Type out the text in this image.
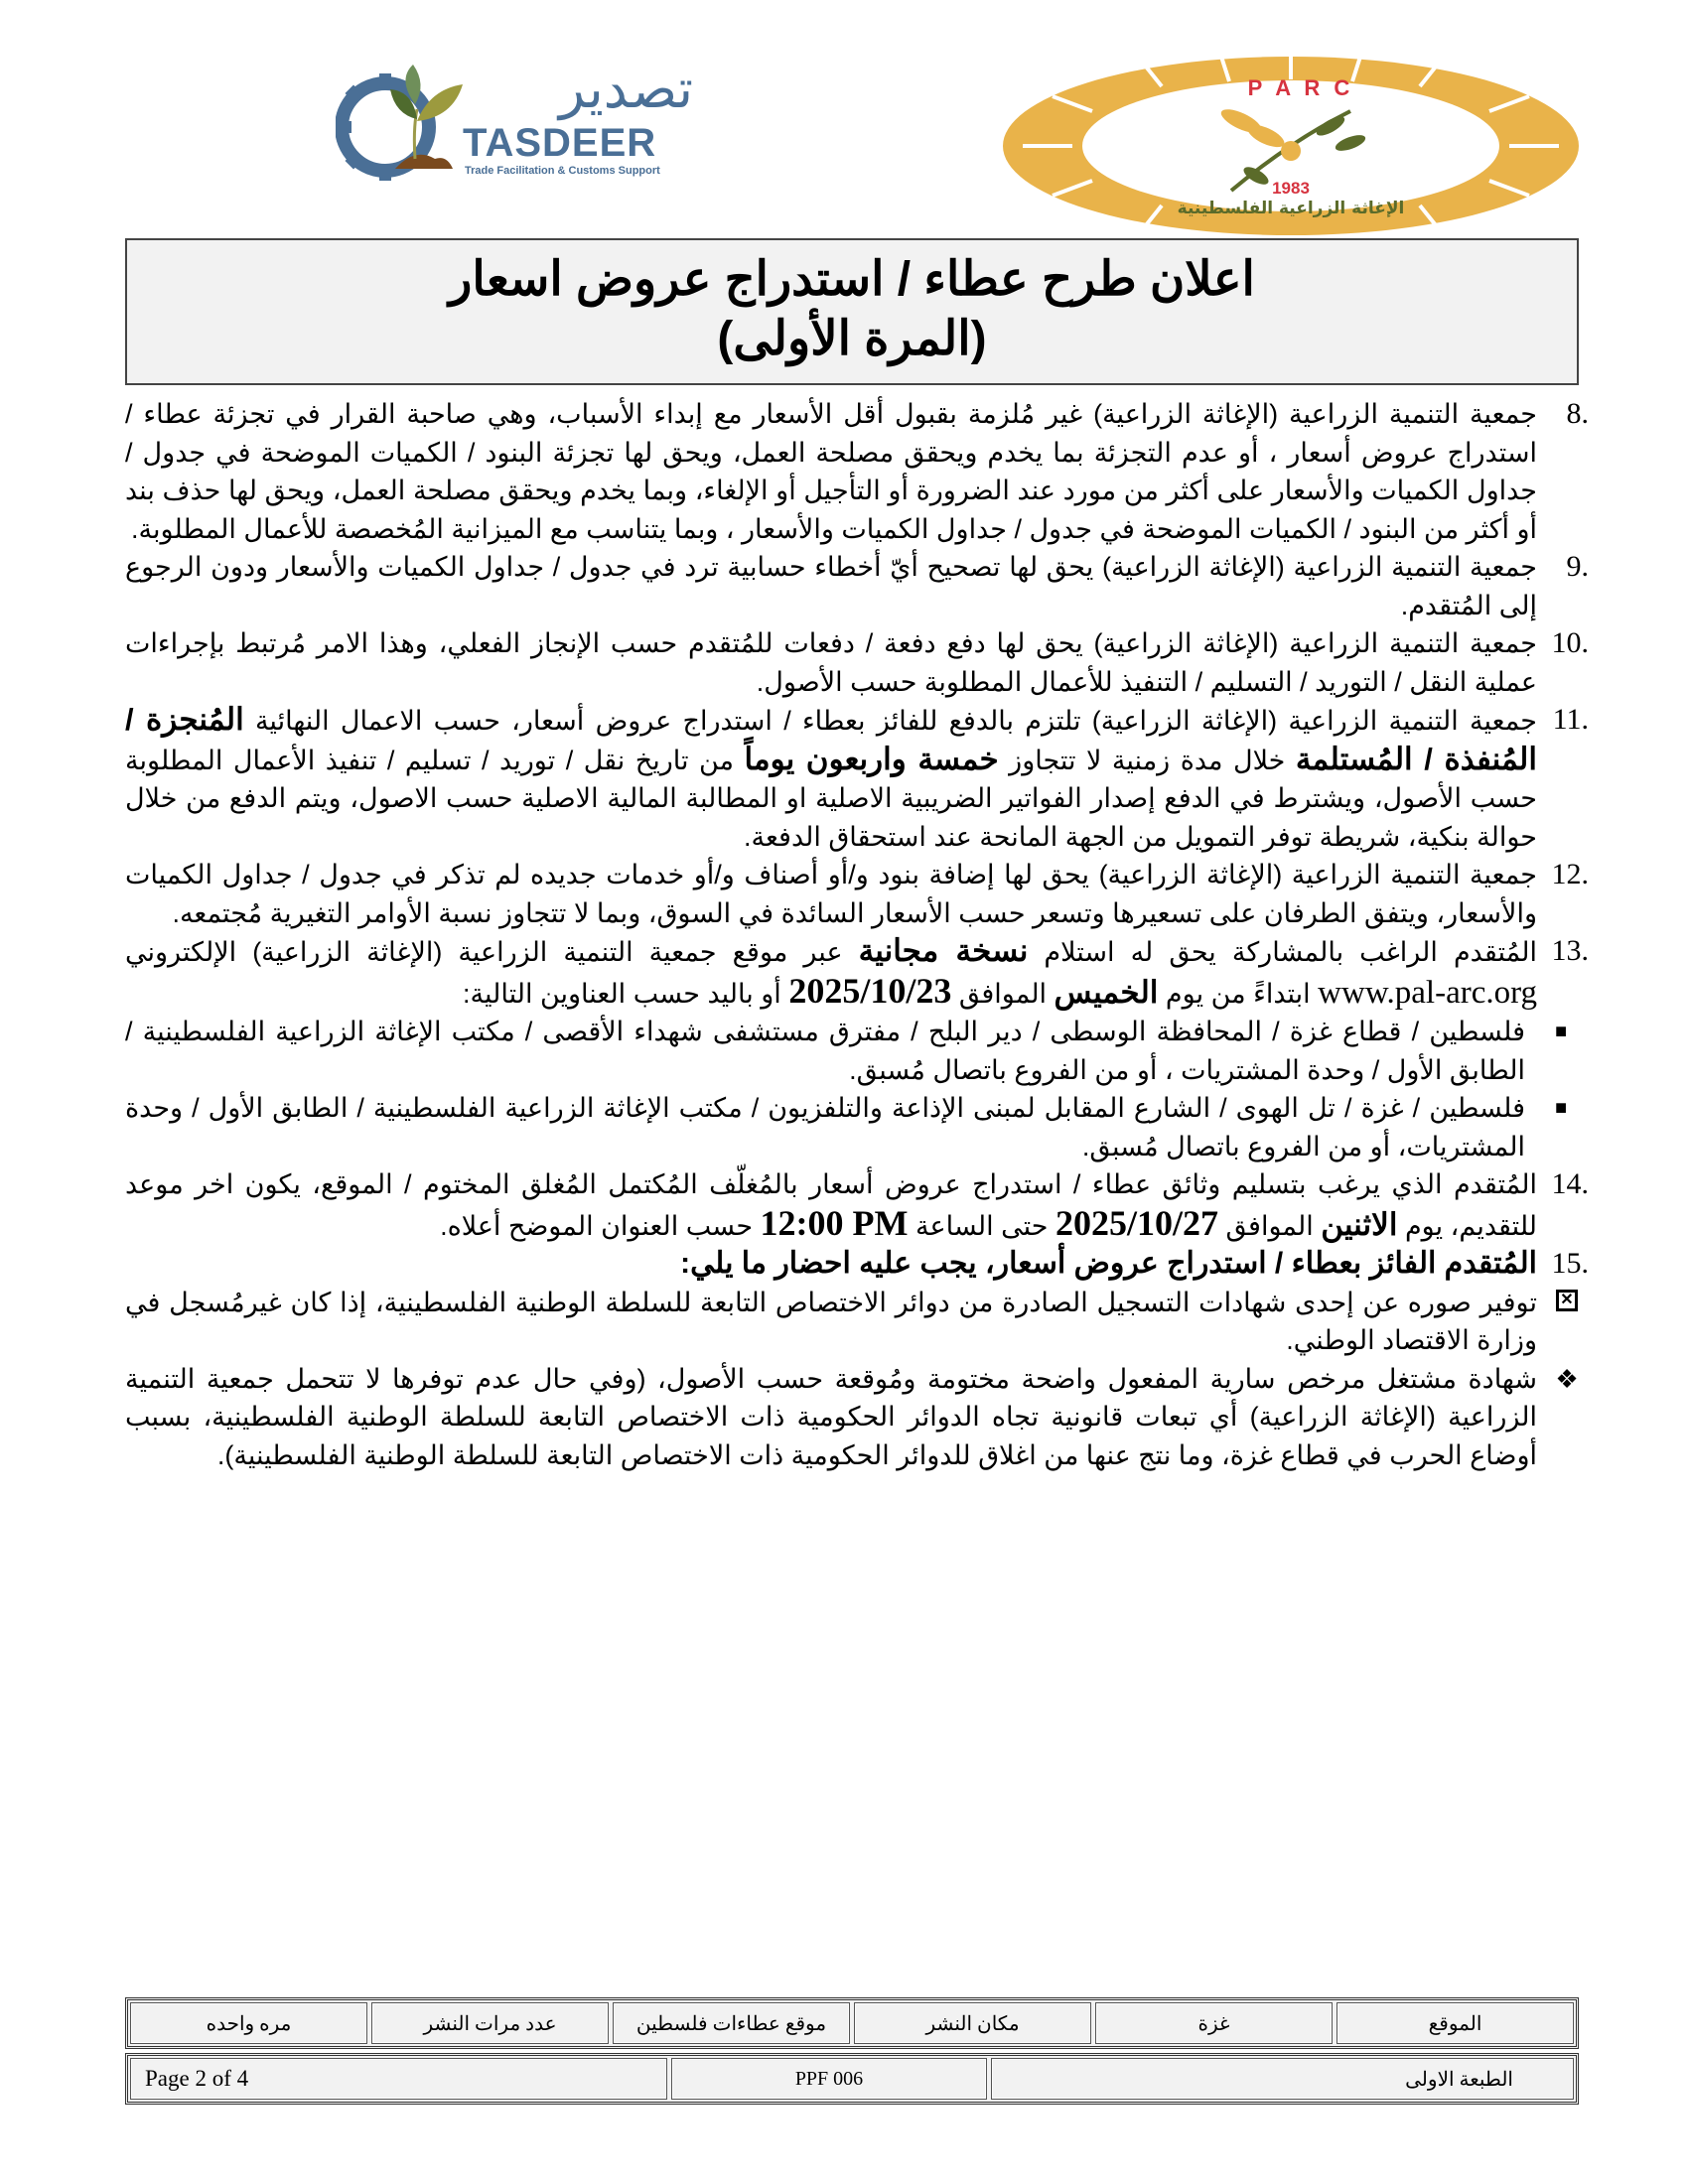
تصدير
TASDEER
Trade Facilitation & Customs Support
P A R C
1983
الإغاثة الزراعية الفلسطينية
اعلان طرح عطاء / استدراج عروض اسعار
(المرة الأولى)
8.
جمعية التنمية الزراعية (الإغاثة الزراعية) غير مُلزمة بقبول أقل الأسعار مع إبداء الأسباب، وهي صاحبة القرار في تجزئة عطاء / استدراج عروض أسعار ، أو عدم التجزئة بما يخدم ويحقق مصلحة العمل، ويحق لها تجزئة البنود / الكميات الموضحة في جدول / جداول الكميات والأسعار على أكثر من مورد عند الضرورة أو التأجيل أو الإلغاء، وبما يخدم ويحقق مصلحة العمل، ويحق لها حذف بند أو أكثر من البنود / الكميات الموضحة في جدول / جداول الكميات والأسعار ، وبما يتناسب مع الميزانية المُخصصة للأعمال المطلوبة.
9.
جمعية التنمية الزراعية (الإغاثة الزراعية) يحق لها تصحيح أيّ أخطاء حسابية ترد في جدول / جداول الكميات والأسعار ودون الرجوع إلى المُتقدم.
10.
جمعية التنمية الزراعية (الإغاثة الزراعية) يحق لها دفع دفعة / دفعات للمُتقدم حسب الإنجاز الفعلي، وهذا الامر مُرتبط بإجراءات عملية النقل / التوريد / التسليم / التنفيذ للأعمال المطلوبة حسب الأصول.
11.
جمعية التنمية الزراعية (الإغاثة الزراعية) تلتزم بالدفع للفائز بعطاء / استدراج عروض أسعار، حسب الاعمال النهائية المُنجزة / المُنفذة / المُستلمة خلال مدة زمنية لا تتجاوز خمسة واربعون يوماً من تاريخ نقل / توريد / تسليم / تنفيذ الأعمال المطلوبة حسب الأصول، ويشترط في الدفع إصدار الفواتير الضريبية الاصلية او المطالبة المالية الاصلية حسب الاصول، ويتم الدفع من خلال حوالة بنكية، شريطة توفر التمويل من الجهة المانحة عند استحقاق الدفعة.
12.
جمعية التنمية الزراعية (الإغاثة الزراعية) يحق لها إضافة بنود و/أو أصناف و/أو خدمات جديده لم تذكر في جدول / جداول الكميات والأسعار، ويتفق الطرفان على تسعيرها وتسعر حسب الأسعار السائدة في السوق، وبما لا تتجاوز نسبة الأوامر التغيرية مُجتمعه.
13.
المُتقدم الراغب بالمشاركة يحق له استلام نسخة مجانية عبر موقع جمعية التنمية الزراعية (الإغاثة الزراعية) الإلكتروني www.pal-arc.org ابتداءً من يوم الخميس الموافق 2025/10/23 أو باليد حسب العناوين التالية:
■
فلسطين / قطاع غزة / المحافظة الوسطى / دير البلح / مفترق مستشفى شهداء الأقصى / مكتب الإغاثة الزراعية الفلسطينية / الطابق الأول / وحدة المشتريات ، أو من الفروع باتصال مُسبق.
■
فلسطين / غزة / تل الهوى / الشارع المقابل لمبنى الإذاعة والتلفزيون / مكتب الإغاثة الزراعية الفلسطينية / الطابق الأول / وحدة المشتريات، أو من الفروع باتصال مُسبق.
14.
المُتقدم الذي يرغب بتسليم وثائق عطاء / استدراج عروض أسعار بالمُغلّف المُكتمل المُغلق المختوم / الموقع، يكون اخر موعد للتقديم، يوم الاثنين الموافق 2025/10/27 حتى الساعة 12:00 PM حسب العنوان الموضح أعلاه.
15.
المُتقدم الفائز بعطاء / استدراج عروض أسعار، يجب عليه احضار ما يلي:
✕
توفير صوره عن إحدى شهادات التسجيل الصادرة من دوائر الاختصاص التابعة للسلطة الوطنية الفلسطينية، إذا كان غيرمُسجل في وزارة الاقتصاد الوطني.
❖
شهادة مشتغل مرخص سارية المفعول واضحة مختومة ومُوقعة حسب الأصول، (وفي حال عدم توفرها لا تتحمل جمعية التنمية الزراعية (الإغاثة الزراعية) أي تبعات قانونية تجاه الدوائر الحكومية ذات الاختصاص التابعة للسلطة الوطنية الفلسطينية، بسبب أوضاع الحرب في قطاع غزة، وما نتج عنها من اغلاق للدوائر الحكومية ذات الاختصاص التابعة للسلطة الوطنية الفلسطينية).
الموقع
غزة
مكان النشر
موقع عطاءات فلسطين
عدد مرات النشر
مره واحده
الطبعة الاولى
PPF 006
Page 2 of 4
